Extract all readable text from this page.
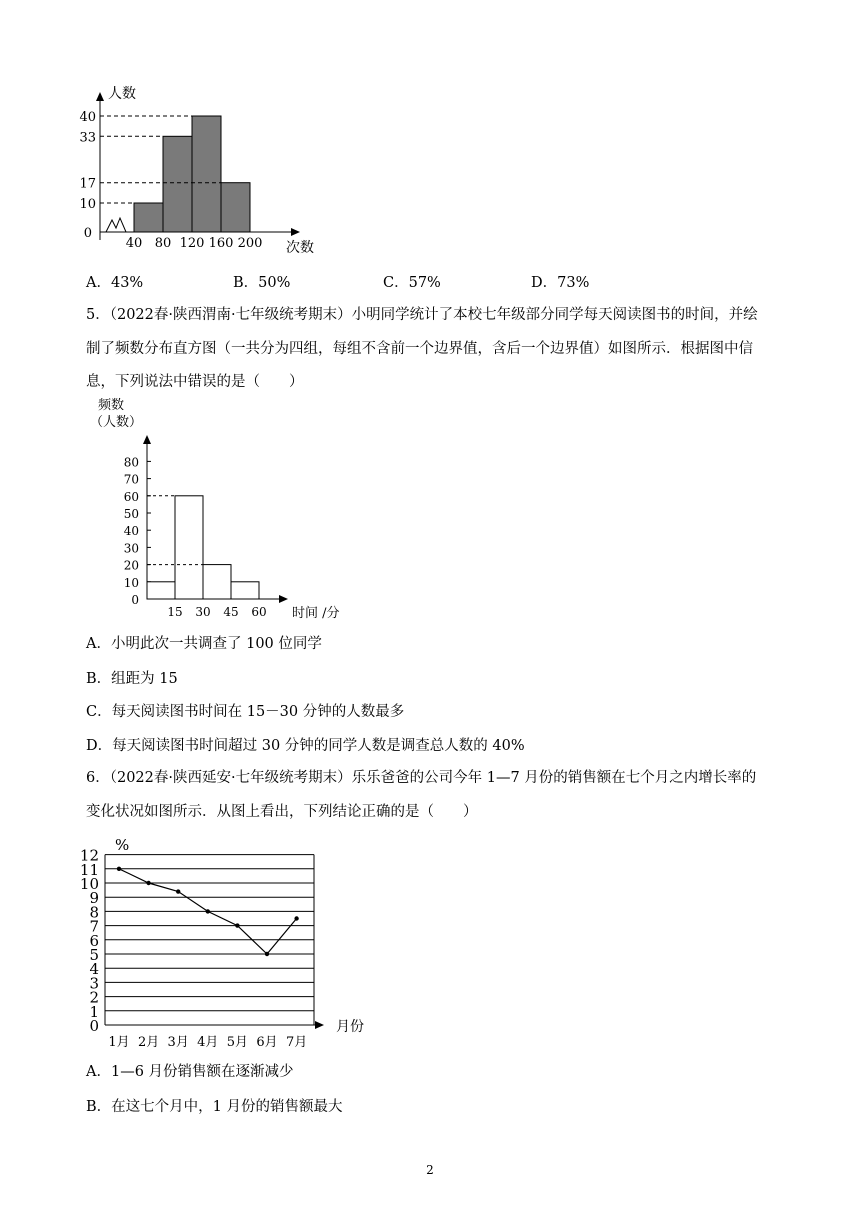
人数
次数
10
17
33
40
0
40 80 120 160 200
A．43%	B．50%	C．57%	D．73%
5．（2022春·陕西渭南·七年级统考期末）小明同学统计了本校七年级部分同学每天阅读图书的时间，并绘
制了频数分布直方图（一共分为四组，每组不含前一个边界值，含后一个边界值）如图所示．根据图中信
息，下列说法中错误的是（　　）
频数
（人数）
时间 /分
0
10
20
30
40
50
60
70
80
15 30 45 60
A．小明此次一共调查了 100 位同学
B．组距为 15
C．每天阅读图书时间在 15－30 分钟的人数最多
D．每天阅读图书时间超过 30 分钟的同学人数是调查总人数的 40%
6．（2022春·陕西延安·七年级统考期末）乐乐爸爸的公司今年 1—7 月份的销售额在七个月之内增长率的
变化状况如图所示．从图上看出，下列结论正确的是（　　）
%
月份
0
1
2
3
4
5
6
7
8
9
10
11
12
1月 2月 3月 4月 5月 6月 7月
A．1—6 月份销售额在逐渐减少
B．在这七个月中，1 月份的销售额最大
2
